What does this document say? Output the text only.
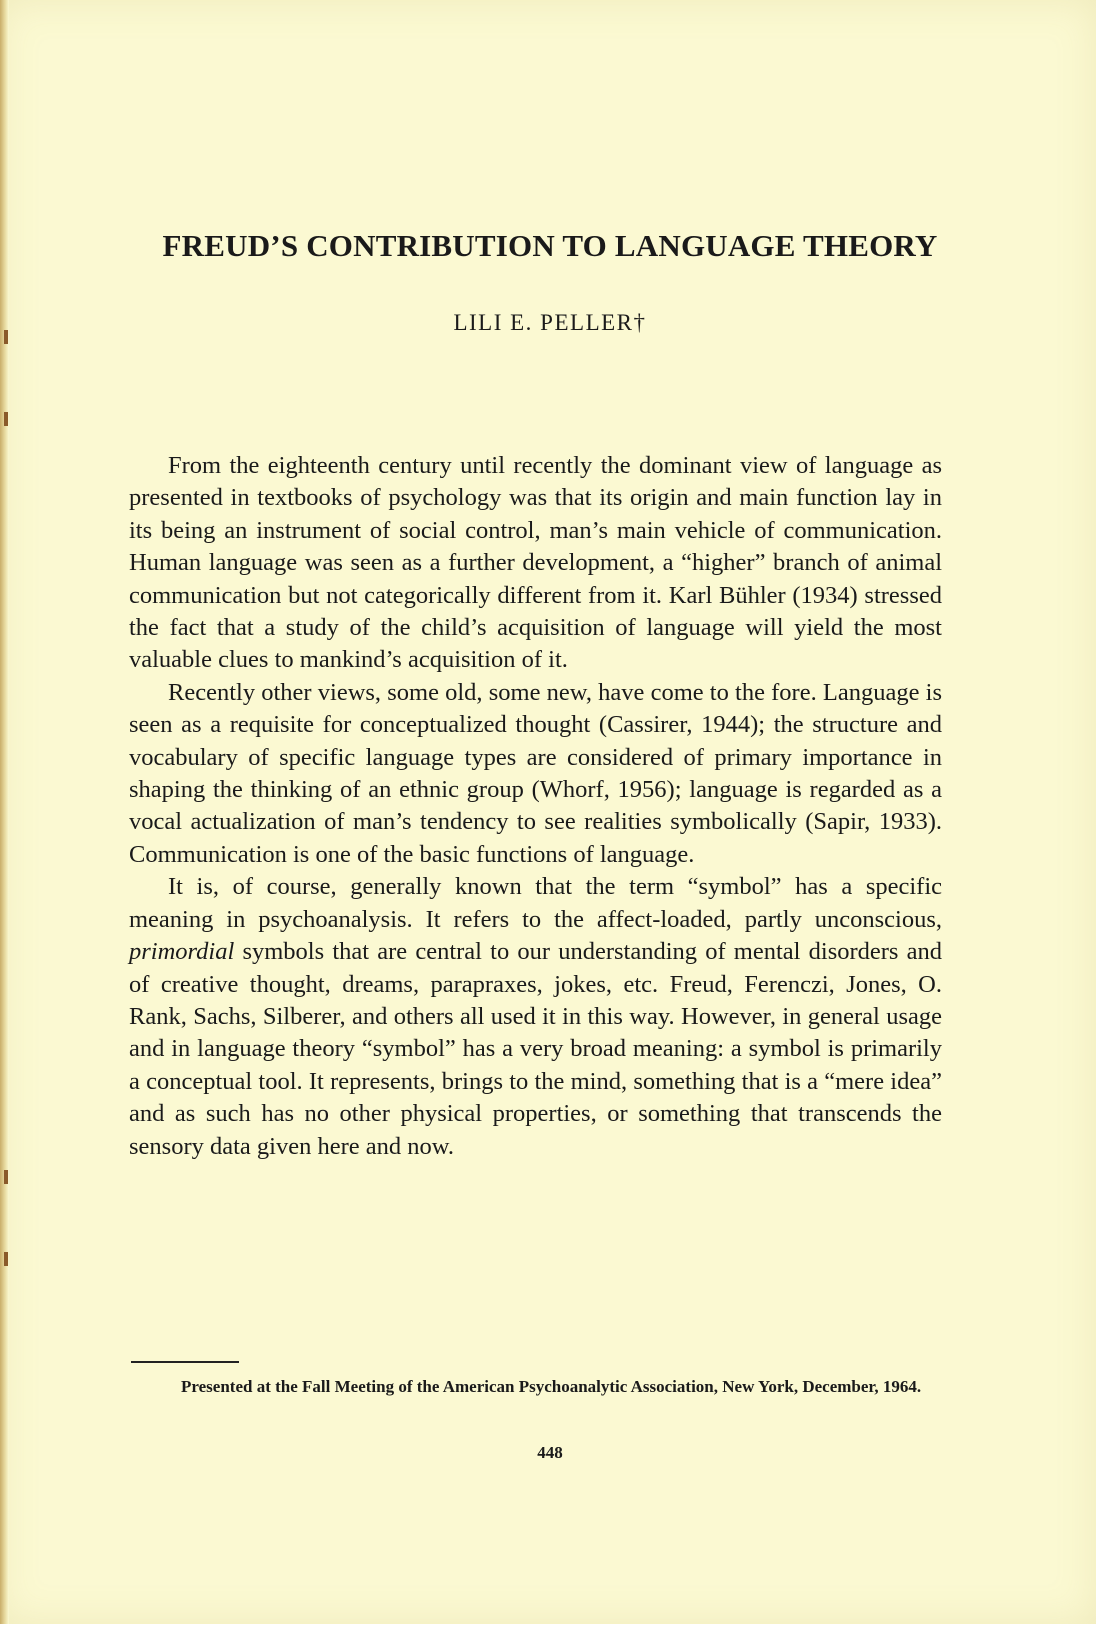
FREUD’S CONTRIBUTION TO LANGUAGE THEORY
LILI E. PELLER†

From the eighteenth century until recently the dominant view of language as presented in textbooks of psychology was that its origin and main function lay in its being an instrument of social control, man’s main vehicle of communication. Human language was seen as a further development, a “higher” branch of animal communication but not categorically different from it. Karl Bühler (1934) stressed the fact that a study of the child’s acquisition of language will yield the most valuable clues to mankind’s acquisition of it.

Recently other views, some old, some new, have come to the fore. Language is seen as a requisite for conceptualized thought (Cassirer, 1944); the structure and vocabulary of specific language types are considered of primary importance in shaping the thinking of an ethnic group (Whorf, 1956); language is regarded as a vocal actualization of man’s tendency to see realities symbolically (Sapir, 1933). Communication is one of the basic functions of language.

It is, of course, generally known that the term “symbol” has a specific meaning in psychoanalysis. It refers to the affect-loaded, partly unconscious, primordial symbols that are central to our understanding of mental disorders and of creative thought, dreams, parapraxes, jokes, etc. Freud, Ferenczi, Jones, O. Rank, Sachs, Silberer, and others all used it in this way. However, in general usage and in language theory “symbol” has a very broad meaning: a symbol is primarily a conceptual tool. It represents, brings to the mind, something that is a “mere idea” and as such has no other physical properties, or something that transcends the sensory data given here and now.

Presented at the Fall Meeting of the American Psychoanalytic Association, New York, December, 1964.

448
